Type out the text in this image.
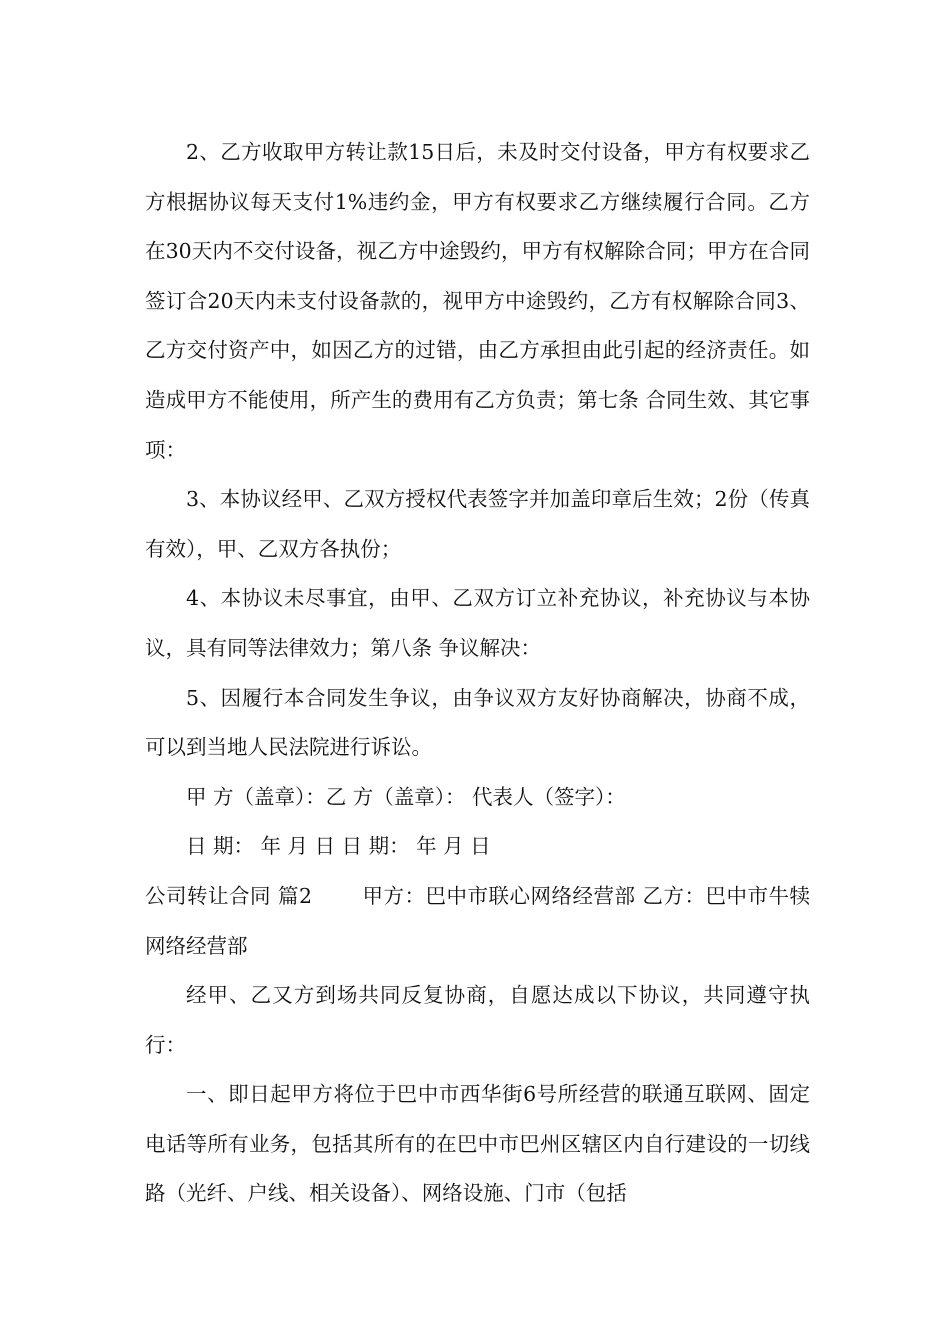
2、乙方收取甲方转让款15日后，未及时交付设备，甲方有权要求乙方根据协议每天支付1%违约金，甲方有权要求乙方继续履行合同。乙方在30天内不交付设备，视乙方中途毁约，甲方有权解除合同；甲方在合同签订合20天内未支付设备款的，视甲方中途毁约，乙方有权解除合同3、乙方交付资产中，如因乙方的过错，由乙方承担由此引起的经济责任。如造成甲方不能使用，所产生的费用有乙方负责；第七条 合同生效、其它事项：

3、本协议经甲、乙双方授权代表签字并加盖印章后生效；2份（传真有效），甲、乙双方各执份；

4、本协议未尽事宜，由甲、乙双方订立补充协议，补充协议与本协议，具有同等法律效力；第八条 争议解决：

5、因履行本合同发生争议，由争议双方友好协商解决，协商不成，可以到当地人民法院进行诉讼。

甲 方（盖章）：乙 方（盖章）： 代表人（签字）：

日 期： 年 月 日 日 期： 年 月 日

公司转让合同 篇2 甲方：巴中市联心网络经营部 乙方：巴中市牛犊网络经营部

经甲、乙又方到场共同反复协商，自愿达成以下协议，共同遵守执行：

一、即日起甲方将位于巴中市西华街6号所经营的联通互联网、固定电话等所有业务，包括其所有的在巴中市巴州区辖区内自行建设的一切线路（光纤、户线、相关设备）、网络设施、门市（包括
